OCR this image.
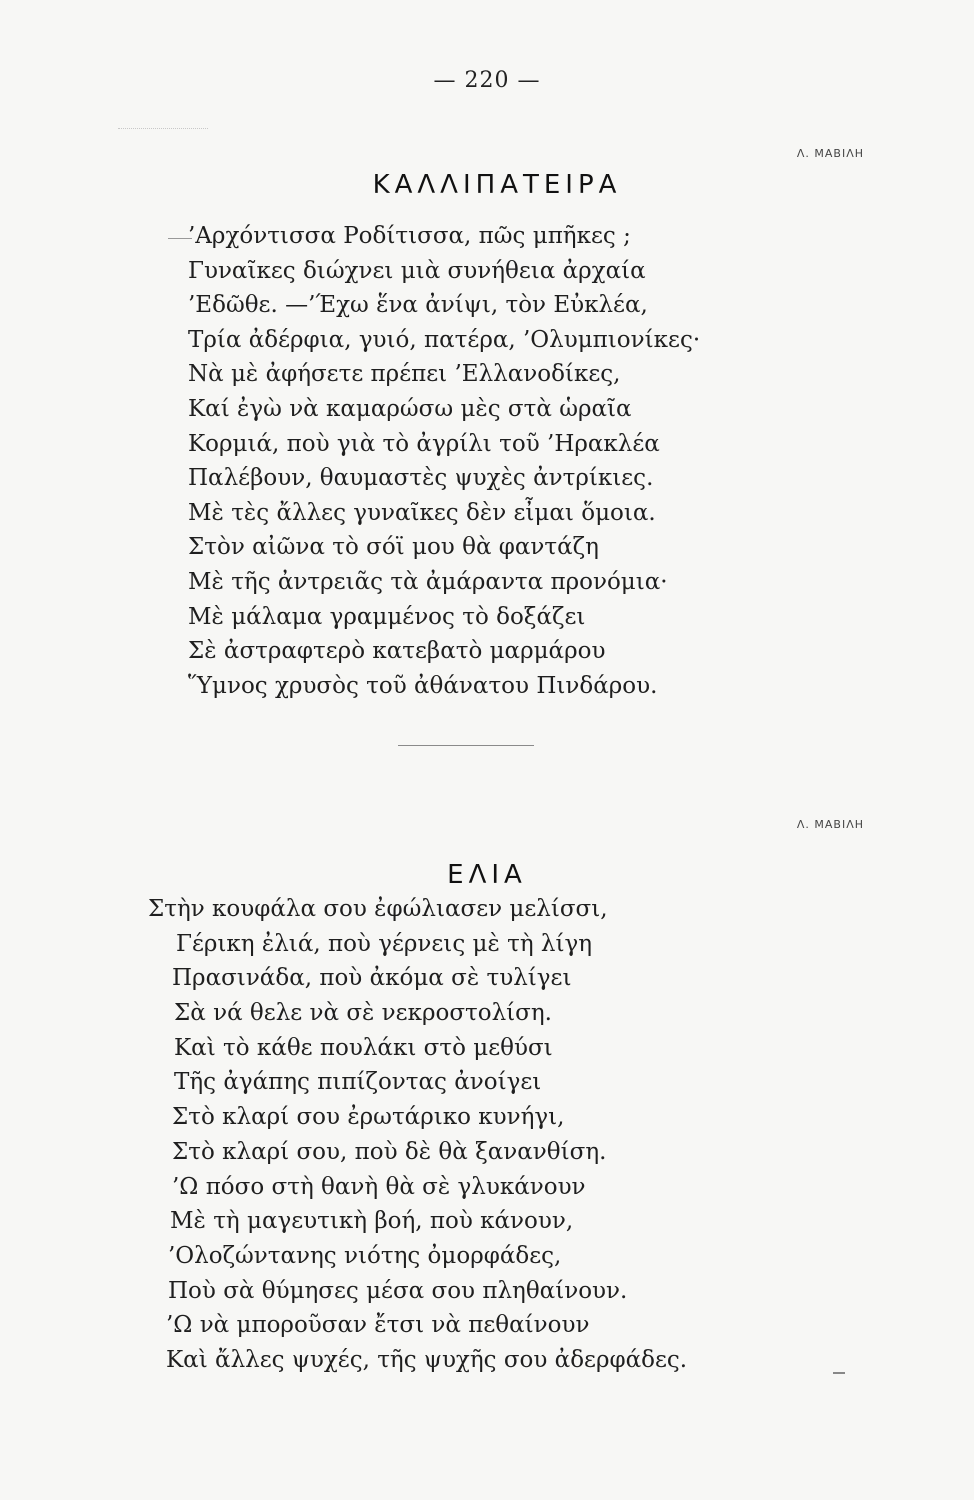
— 220 —
Λ. ΜΑΒΙΛΗ
ΚΑΛΛΙΠΑΤΕΙΡΑ
’Αρχόντισσα Ροδίτισσα, πῶς μπῆκες ;
Γυναῖκες διώχνει μιὰ συνήθεια ἀρχαία
’Εδῶθε. —’Έχω ἕνα ἀνίψι, τὸν Εὐκλέα,
Τρία ἀδέρφια, γυιό, πατέρα, ’Ολυμπιονίκες·
Νὰ μὲ ἀφήσετε πρέπει ’Ελλανοδίκες,
Καί ἐγὼ νὰ καμαρώσω μὲς στὰ ὡραῖα
Κορμιά, ποὺ γιὰ τὸ ἀγρίλι τοῦ ’Ηρακλέα
Παλέβουν, θαυμαστὲς ψυχὲς ἀντρίκιες.
Μὲ τὲς ἄλλες γυναῖκες δὲν εἶμαι ὅμοια.
Στὸν αἰῶνα τὸ σόϊ μου θὰ φαντάζη
Μὲ τῆς ἀντρειᾶς τὰ ἀμάραντα προνόμια·
Μὲ μάλαμα γραμμένος τὸ δοξάζει
Σὲ ἀστραφτερὸ κατεβατὸ μαρμάρου
Ὕμνος χρυσὸς τοῦ ἀθάνατου Πινδάρου.
Λ. ΜΑΒΙΛΗ
ΕΛΙΑ
Στὴν κουφάλα σου ἐφώλιασεν μελίσσι,
Γέρικη ἐλιά, ποὺ γέρνεις μὲ τὴ λίγη
Πρασινάδα, ποὺ ἀκόμα σὲ τυλίγει
Σὰ νά θελε νὰ σὲ νεκροστολίση.
Καὶ τὸ κάθε πουλάκι στὸ μεθύσι
Τῆς ἀγάπης πιπίζοντας ἀνοίγει
Στὸ κλαρί σου ἐρωτάρικο κυνήγι,
Στὸ κλαρί σου, ποὺ δὲ θὰ ξανανθίση.
’Ω πόσο στὴ θανὴ θὰ σὲ γλυκάνουν
Μὲ τὴ μαγευτικὴ βοή, ποὺ κάνουν,
’Ολοζώντανης νιότης ὀμορφάδες,
Ποὺ σὰ θύμησες μέσα σου πληθαίνουν.
’Ω νὰ μποροῦσαν ἔτσι νὰ πεθαίνουν
Καὶ ἄλλες ψυχές, τῆς ψυχῆς σου ἀδερφάδες.
